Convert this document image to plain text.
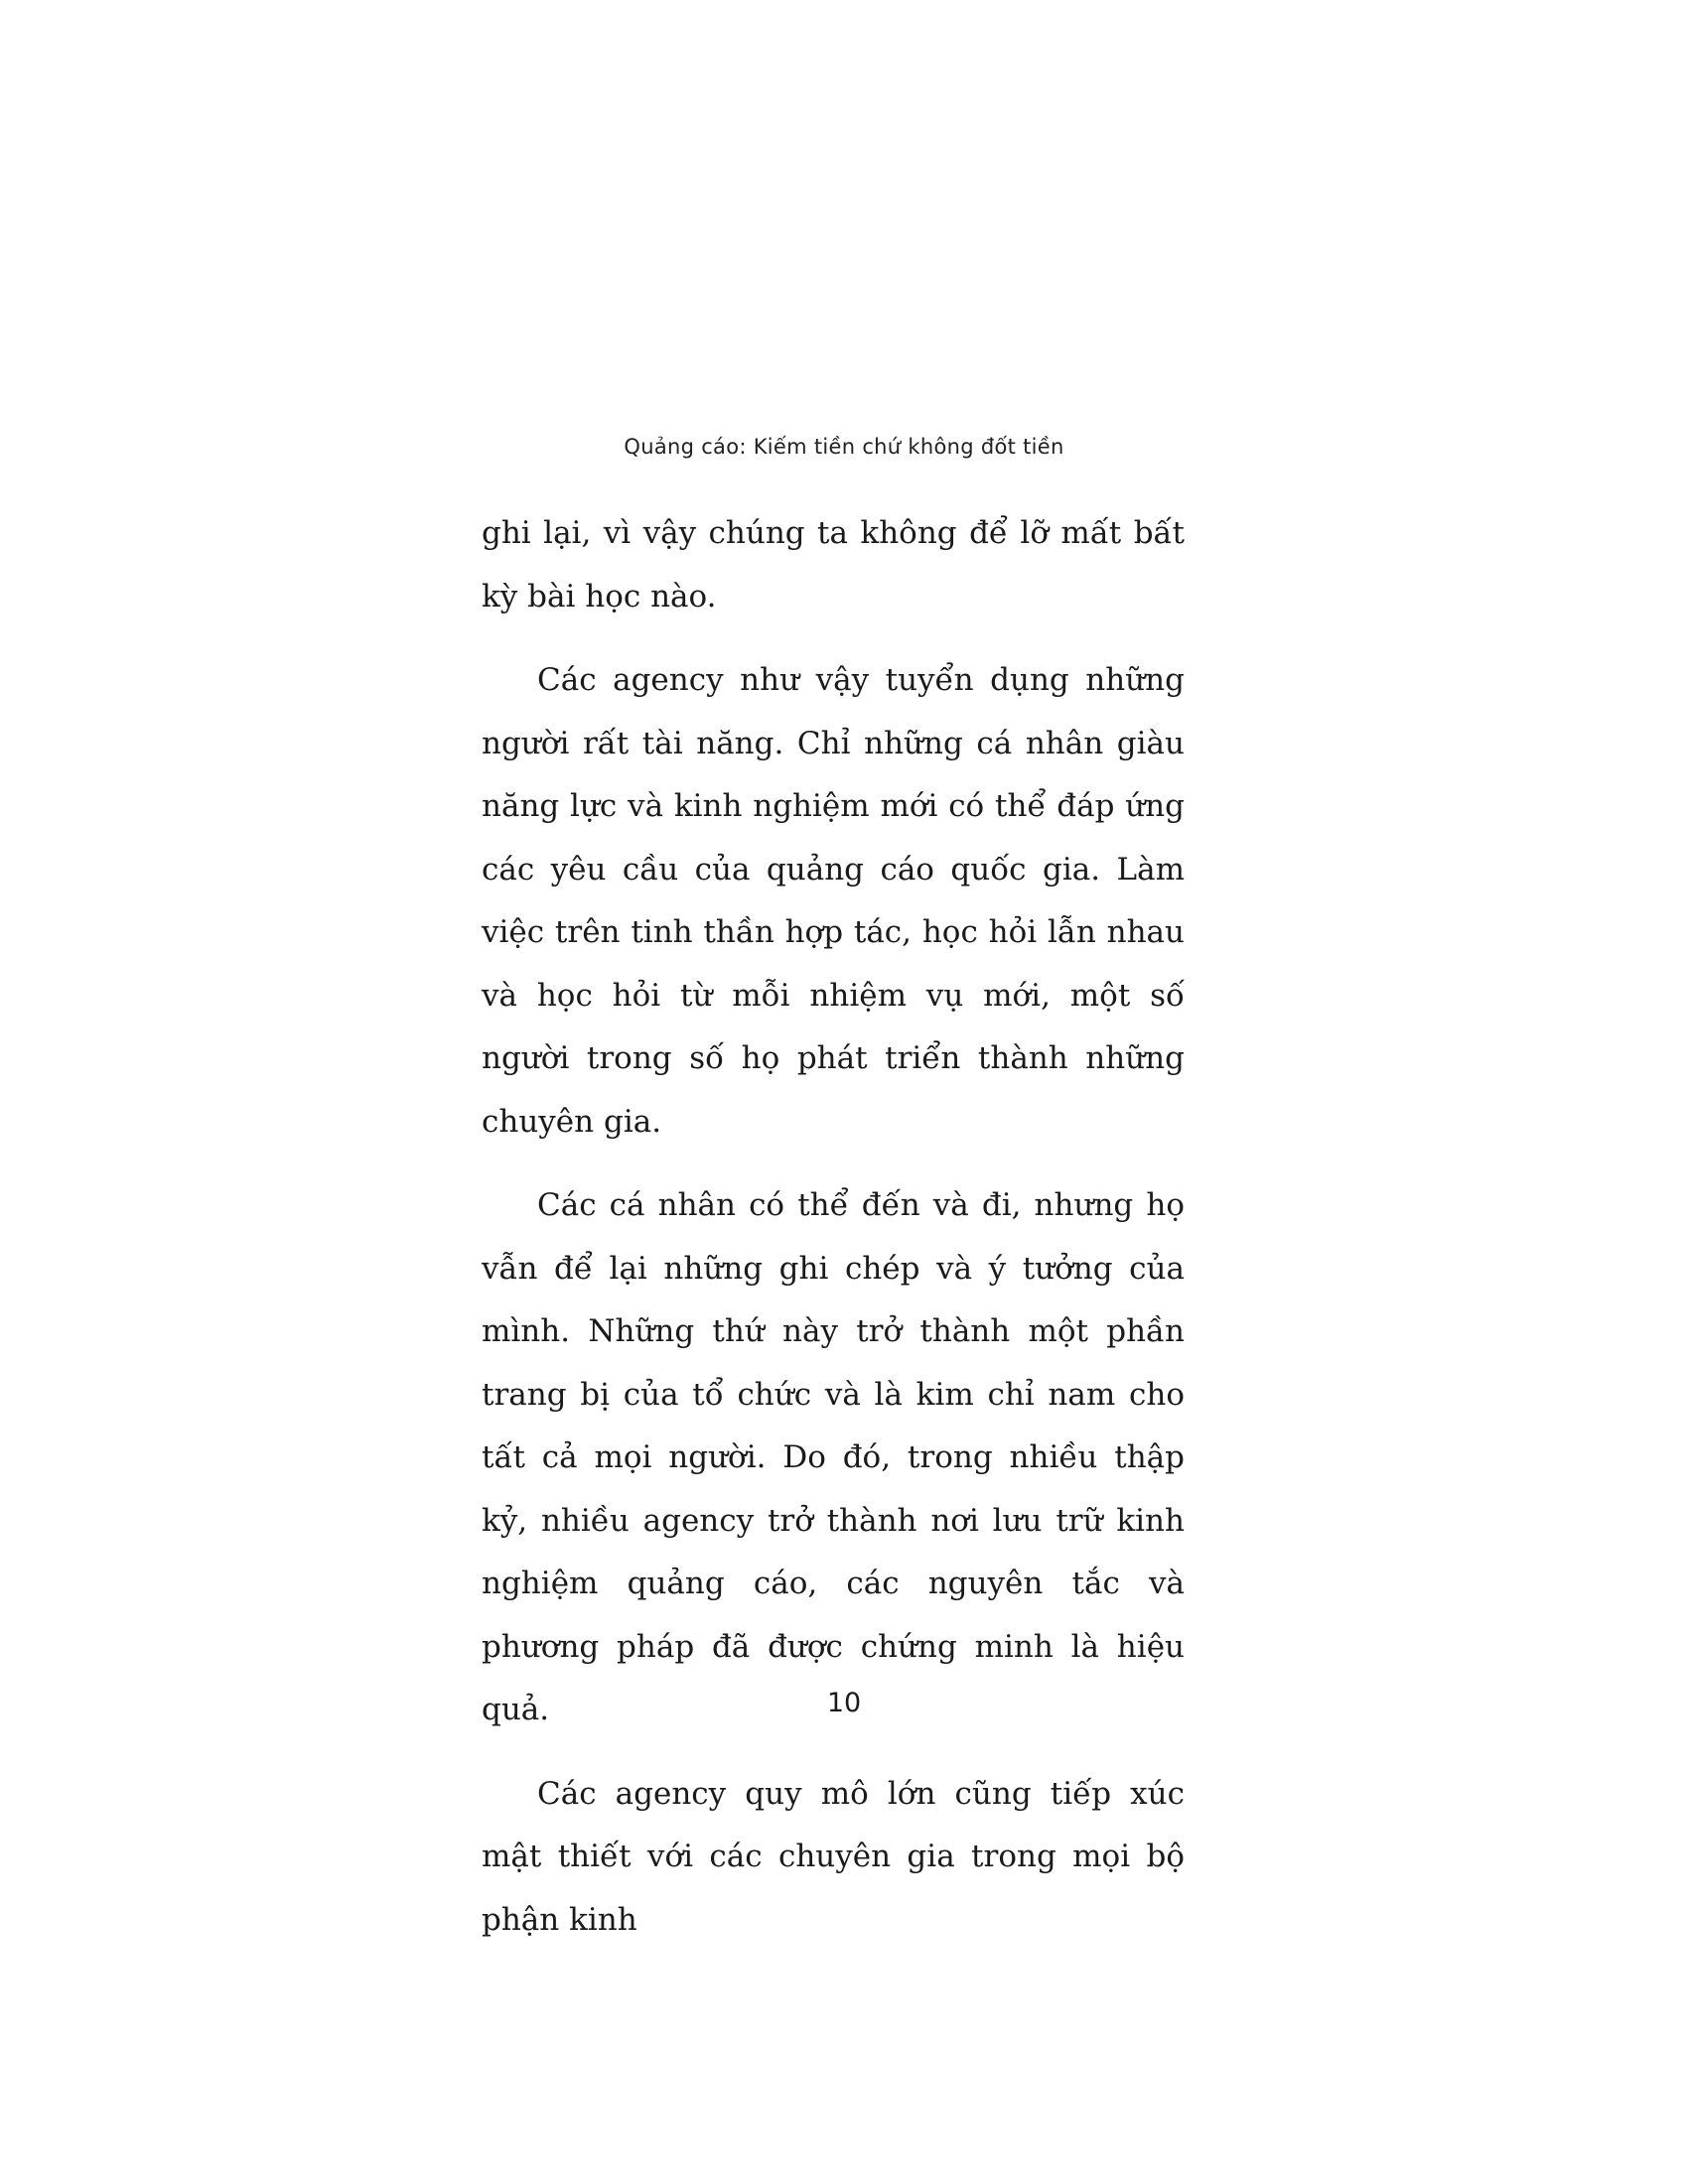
Quảng cáo: Kiếm tiền chứ không đốt tiền

ghi lại, vì vậy chúng ta không để lỡ mất bất kỳ bài học nào.

Các agency như vậy tuyển dụng những người rất tài năng. Chỉ những cá nhân giàu năng lực và kinh nghiệm mới có thể đáp ứng các yêu cầu của quảng cáo quốc gia. Làm việc trên tinh thần hợp tác, học hỏi lẫn nhau và học hỏi từ mỗi nhiệm vụ mới, một số người trong số họ phát triển thành những chuyên gia.

Các cá nhân có thể đến và đi, nhưng họ vẫn để lại những ghi chép và ý tưởng của mình. Những thứ này trở thành một phần trang bị của tổ chức và là kim chỉ nam cho tất cả mọi người. Do đó, trong nhiều thập kỷ, nhiều agency trở thành nơi lưu trữ kinh nghiệm quảng cáo, các nguyên tắc và phương pháp đã được chứng minh là hiệu quả.

Các agency quy mô lớn cũng tiếp xúc mật thiết với các chuyên gia trong mọi bộ phận kinh

10
